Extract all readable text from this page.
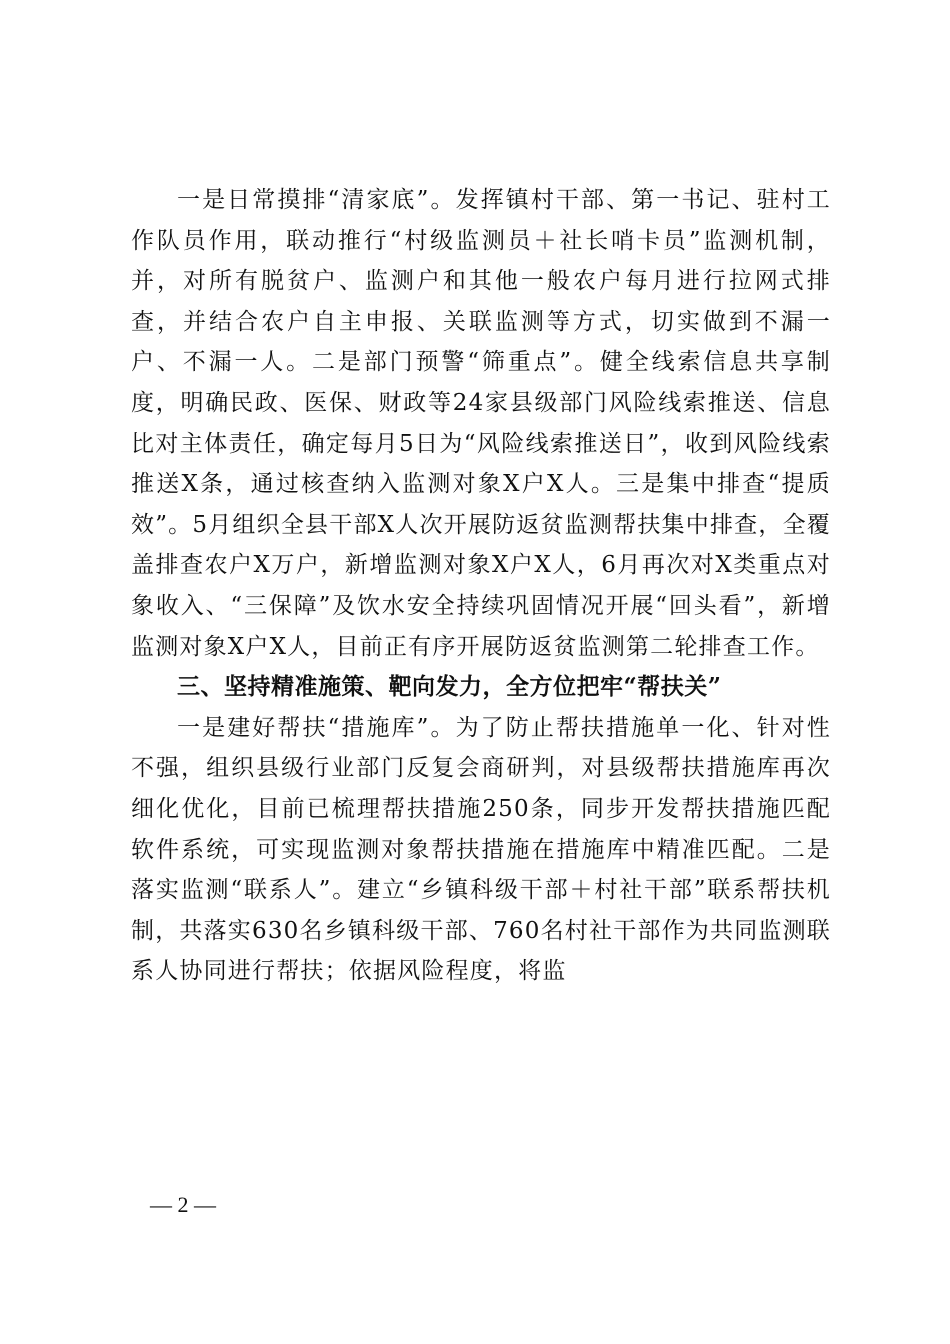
一是日常摸排“清家底”。发挥镇村干部、第一书记、驻村工作队员作用，联动推行“村级监测员＋社长哨卡员”监测机制，并，对所有脱贫户、监测户和其他一般农户每月进行拉网式排查，并结合农户自主申报、关联监测等方式，切实做到不漏一户、不漏一人。二是部门预警“筛重点”。健全线索信息共享制度，明确民政、医保、财政等24家县级部门风险线索推送、信息比对主体责任，确定每月5日为“风险线索推送日”，收到风险线索推送X条，通过核查纳入监测对象X户X人。三是集中排查“提质效”。5月组织全县干部X人次开展防返贫监测帮扶集中排查，全覆盖排查农户X万户，新增监测对象X户X人，6月再次对X类重点对象收入、“三保障”及饮水安全持续巩固情况开展“回头看”，新增监测对象X户X人，目前正有序开展防返贫监测第二轮排查工作。

三、坚持精准施策、靶向发力，全方位把牢“帮扶关”

一是建好帮扶“措施库”。为了防止帮扶措施单一化、针对性不强，组织县级行业部门反复会商研判，对县级帮扶措施库再次细化优化，目前已梳理帮扶措施250条，同步开发帮扶措施匹配软件系统，可实现监测对象帮扶措施在措施库中精准匹配。二是落实监测“联系人”。建立“乡镇科级干部＋村社干部”联系帮扶机制，共落实630名乡镇科级干部、760名村社干部作为共同监测联系人协同进行帮扶；依据风险程度，将监

— 2 —
